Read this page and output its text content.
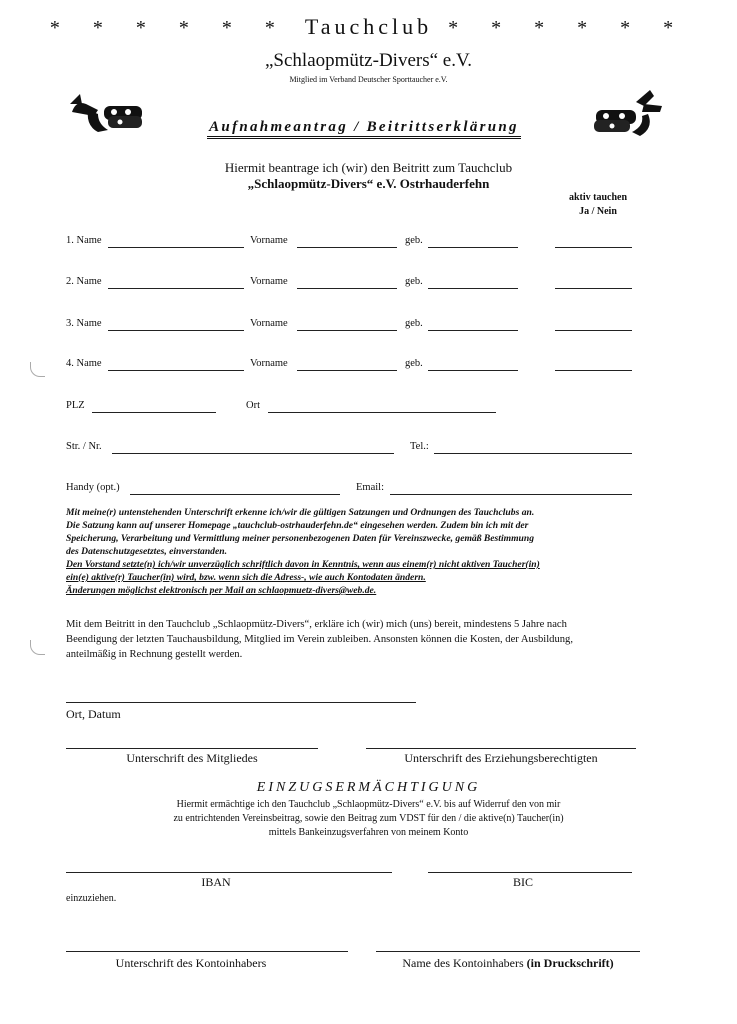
* * * * * * Tauchclub * * * * * *
„Schlaopmütz-Divers“ e.V.
Mitglied im Verband Deutscher Sporttaucher e.V.
Aufnahmeantrag / Beitrittserklärung
Hiermit beantrage ich (wir) den Beitritt zum Tauchclub
„Schlaopmütz-Divers“ e.V. Ostrhauderfehn
aktiv tauchen
Ja / Nein
1. Name	Vorname	geb.
2. Name	Vorname	geb.
3. Name	Vorname	geb.
4. Name	Vorname	geb.
PLZ	Ort
Str. / Nr.	Tel.:
Handy (opt.)	Email:
Mit meine(r) untenstehenden Unterschrift erkenne ich/wir die gültigen Satzungen und Ordnungen des Tauchclubs an.
Die Satzung kann auf unserer Homepage „tauchclub-ostrhauderfehn.de“ eingesehen werden. Zudem bin ich mit der
Speicherung, Verarbeitung und Vermittlung meiner personenbezogenen Daten für Vereinszwecke, gemäß Bestimmung
des Datenschutzgesetztes, einverstanden.
Den Vorstand setzte(n) ich/wir unverzüglich schriftlich davon in Kenntnis, wenn aus einem(r) nicht aktiven Taucher(in)
ein(e) aktive(r) Taucher(in) wird, bzw. wenn sich die Adress-, wie auch Kontodaten ändern.
Änderungen möglichst elektronisch per Mail an schlaopmuetz-divers@web.de.
Mit dem Beitritt in den Tauchclub „Schlaopmütz-Divers“, erkläre ich (wir) mich (uns) bereit, mindestens 5 Jahre nach
Beendigung der letzten Tauchausbildung, Mitglied im Verein zubleiben. Ansonsten können die Kosten, der Ausbildung,
anteilmäßig in Rechnung gestellt werden.
Ort, Datum
Unterschrift des Mitgliedes	Unterschrift des Erziehungsberechtigten
EINZUGSERMÄCHTIGUNG
Hiermit ermächtige ich den Tauchclub „Schlaopmütz-Divers“ e.V. bis auf Widerruf den von mir
zu entrichtenden Vereinsbeitrag, sowie den Beitrag zum VDST für den / die aktive(n) Taucher(in)
mittels Bankeinzugsverfahren von meinem Konto
IBAN	BIC
einzuziehen.
Unterschrift des Kontoinhabers	Name des Kontoinhabers (in Druckschrift)
